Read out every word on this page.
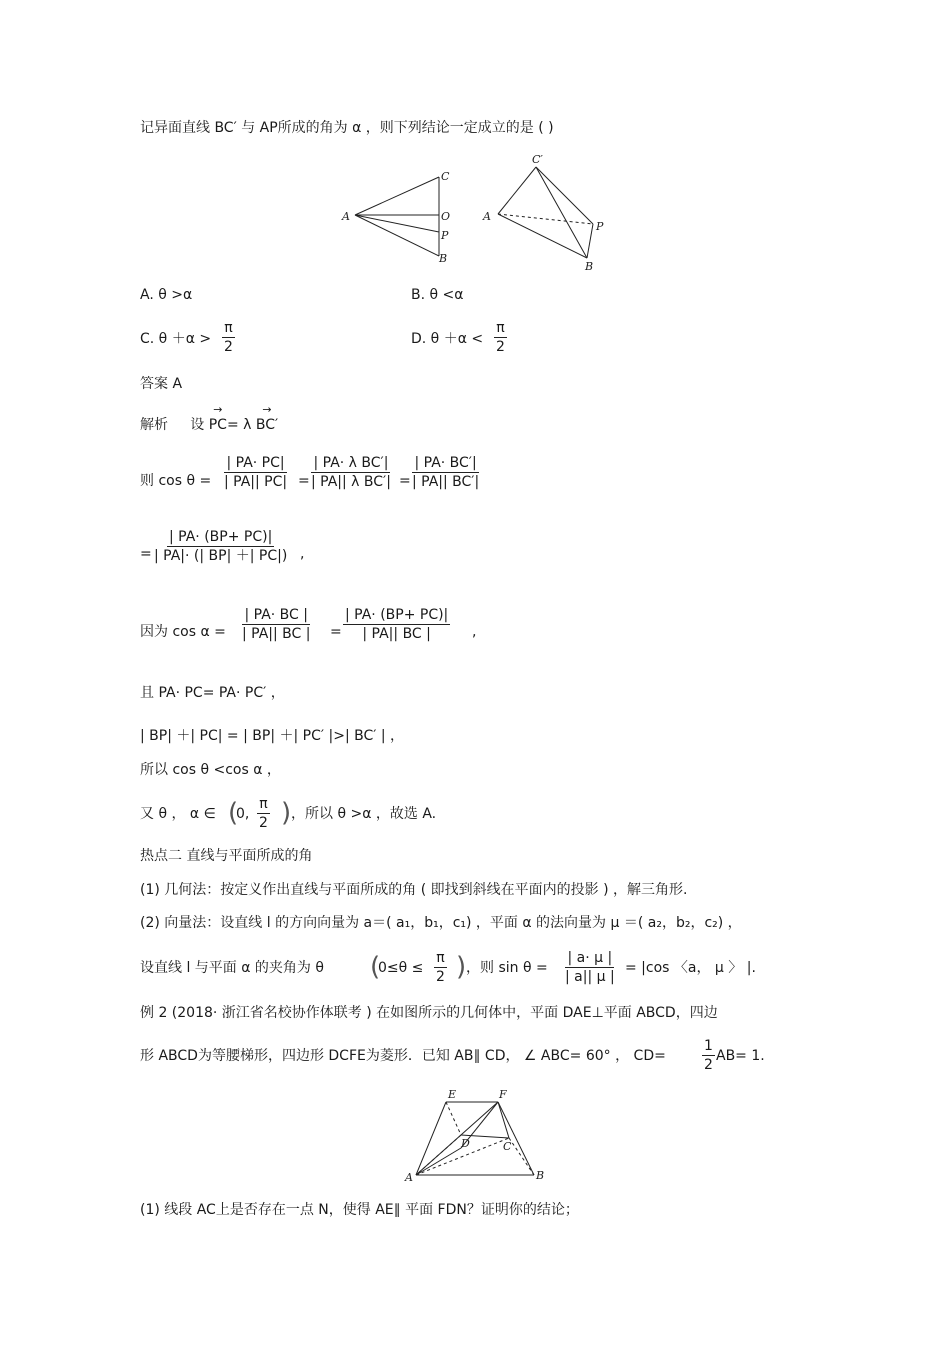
记异面直线 BC′ 与 AP所成的角为 α ，则下列结论一定成立的是 ( )
A
C
O
P
B
C′
A
P
B
A. θ >α	B. θ <α
C. $\theta +\alpha > \frac{\pi}{2}$	D. $\theta +\alpha < \frac{\pi}{2}$
答案 A
解析 设 → PC= λ → BC′
则 $\cos \theta = \frac{| PA\cdot PC|}{| PA|| PC|} = \frac{\text{| PA· λ BC′|}}{\text{| PA|| λ BC′|}} = \frac{| PA\cdot BC'|}{| PA|| BC'|}$
= $\frac{| PA\cdot (BP+ PC)|}{| PA|\cdot (| BP| +| PC|)}$ ,
因为 $\cos \alpha = \frac{| PA\cdot BC |}{| PA|| BC |} = \frac{| PA\cdot (BP+ PC)|}{| PA|| BC |}$ ,
且 PA· PC= PA· PC′ ，
| BP| ＋| PC| = | BP| ＋| PC′ |>| BC′ | ，
所以 cos θ <cos α ，
又 θ ， α ∈ (
0, $\frac{\pi}{2}$ ) ，所以 θ >α ，故选 A.
热点二 直线与平面所成的角
(1) 几何法：按定义作出直线与平面所成的角 ( 即找到斜线在平面内的投影 ) ，解三角形.
(2) 向量法：设直线 l 的方向向量为 a＝( a₁，b₁，c₁) ，平面 α 的法向量为 μ ＝( a₂，b₂，c₂) ，
设直线 l 与平面 α 的夹角为 θ (
$0\le\theta \le \frac{\pi}{2}$ ) ，则 $\sin \theta = \frac{| a\cdot \mu |}{| a|| \mu |} = |\cos$ 〈a， μ 〉 |.
例 2 (2018· 浙江省名校协作体联考 ) 在如图所示的几何体中，平面 DAE⊥平面 ABCD，四边
形 ABCD为等腰梯形，四边形 DCFE为菱形．已知 AB∥ CD， ∠ ABC= 60° ， CD=	$\frac{1}{2} AB= 1$.
E	F
D	C
A	B
(1) 线段 AC上是否存在一点 N，使得 AE∥ 平面 FDN？证明你的结论；
